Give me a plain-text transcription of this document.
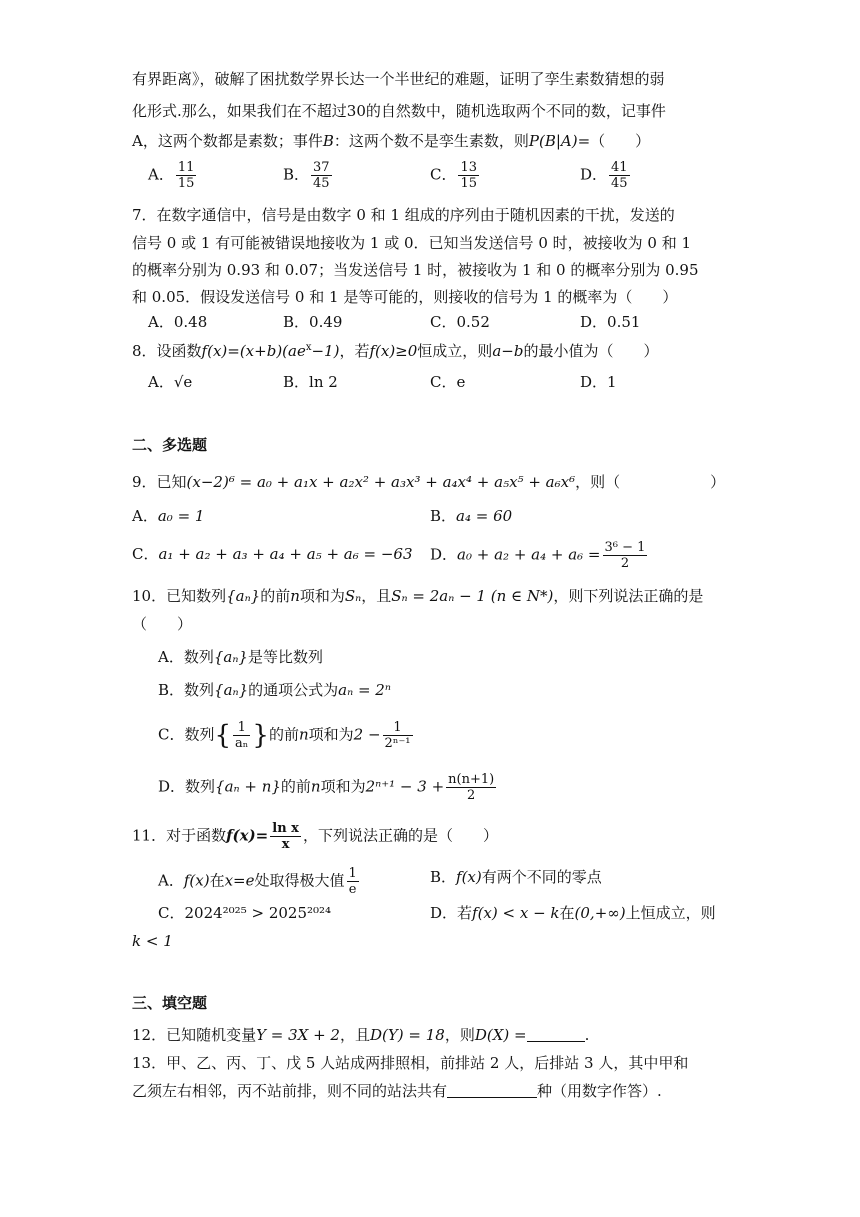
有界距离》，破解了困扰数学界长达一个半世纪的难题，证明了孪生素数猜想的弱
化形式.那么，如果我们在不超过30的自然数中，随机选取两个不同的数，记事件
A，这两个数都是素数；事件B：这两个数不是孪生素数，则P(B|A)=（　　）
A． $\frac{11}{15}$	B． $\frac{37}{45}$	C． $\frac{13}{15}$	D． $\frac{41}{45}$
7．在数字通信中，信号是由数字 0 和 1 组成的序列由于随机因素的干扰，发送的
信号 0 或 1 有可能被错误地接收为 1 或 0．已知当发送信号 0 时，被接收为 0 和 1
的概率分别为 0.93 和 0.07；当发送信号 1 时，被接收为 1 和 0 的概率分别为 0.95
和 0.05．假设发送信号 0 和 1 是等可能的，则接收的信号为 1 的概率为（　　）
A．0.48	B．0.49	C．0.52	D．0.51
8．设函数$f(x)=(x+b)(ae^x-1)$，若f(x)≥0恒成立，则a−b的最小值为（　　）
A．√e	B．ln 2	C．e	D．1
二、多选题
9．已知(x−2)⁶ = a₀ + a₁x + a₂x² + a₃x³ + a₄x⁴ + a₅x⁵ + a₆x⁶，则（　　　　　　）
A．a₀ = 1	B．a₄ = 60
C．a₁ + a₂ + a₃ + a₄ + a₅ + a₆ = −63 D．$a_0 + a_2 + a_4 + a_6 = \frac{\text{3⁶ − 1}}{2}$
10．已知数列{aₙ}的前n项和为Sₙ，且Sₙ = 2aₙ − 1 (n ∈ N*)，则下列说法正确的是
（　　）
A．数列{aₙ}是等比数列
B．数列{aₙ}的通项公式为aₙ = 2ⁿ
C．数列{ $\frac{1}{\text{aₙ}}$ }的前n项和为$2 - \frac{1}{\text{2ⁿ⁻¹}}$
D．数列{aₙ + n}的前n项和为$2^{n+1} - 3 + \frac{n(n+1)}{2}$
11．对于函数$f(x)= \frac{\text{ln x}}{x}$ ，下列说法正确的是（　　）
A．f(x)在x=e处取得极大值 $\frac{1}{e}$	B．f(x)有两个不同的零点
C．2024²⁰²⁵ > 2025²⁰²⁴	D．若f(x) < x − k在(0,+∞)上恒成立，则
k < 1
三、填空题
12．已知随机变量Y = 3X + 2，且D(Y) = 18，则D(X) =	.
13．甲、乙、丙、丁、戊 5 人站成两排照相，前排站 2 人，后排站 3 人，其中甲和
乙须左右相邻，丙不站前排，则不同的站法共有	种（用数字作答）.
